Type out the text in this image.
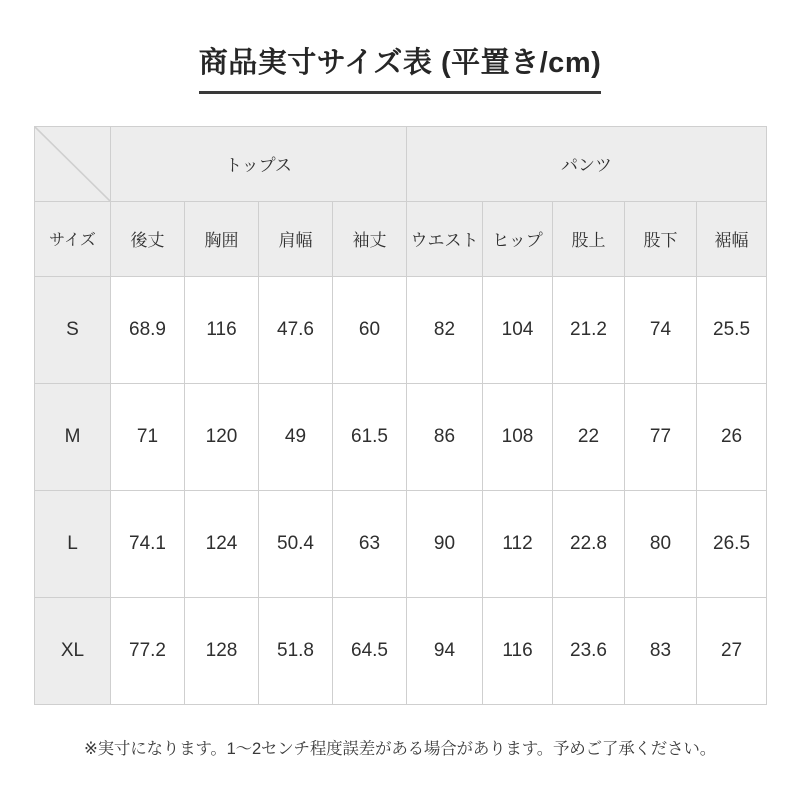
商品実寸サイズ表 (平置き/cm)
	トップス				パンツ				
サイズ	後丈	胸囲	肩幅	袖丈	ウエスト	ヒップ	股上	股下	裾幅
S	68.9	116	47.6	60	82	104	21.2	74	25.5
M	71	120	49	61.5	86	108	22	77	26
L	74.1	124	50.4	63	90	112	22.8	80	26.5
XL	77.2	128	51.8	64.5	94	116	23.6	83	27
※実寸になります。1〜2センチ程度誤差がある場合があります。予めご了承ください。
